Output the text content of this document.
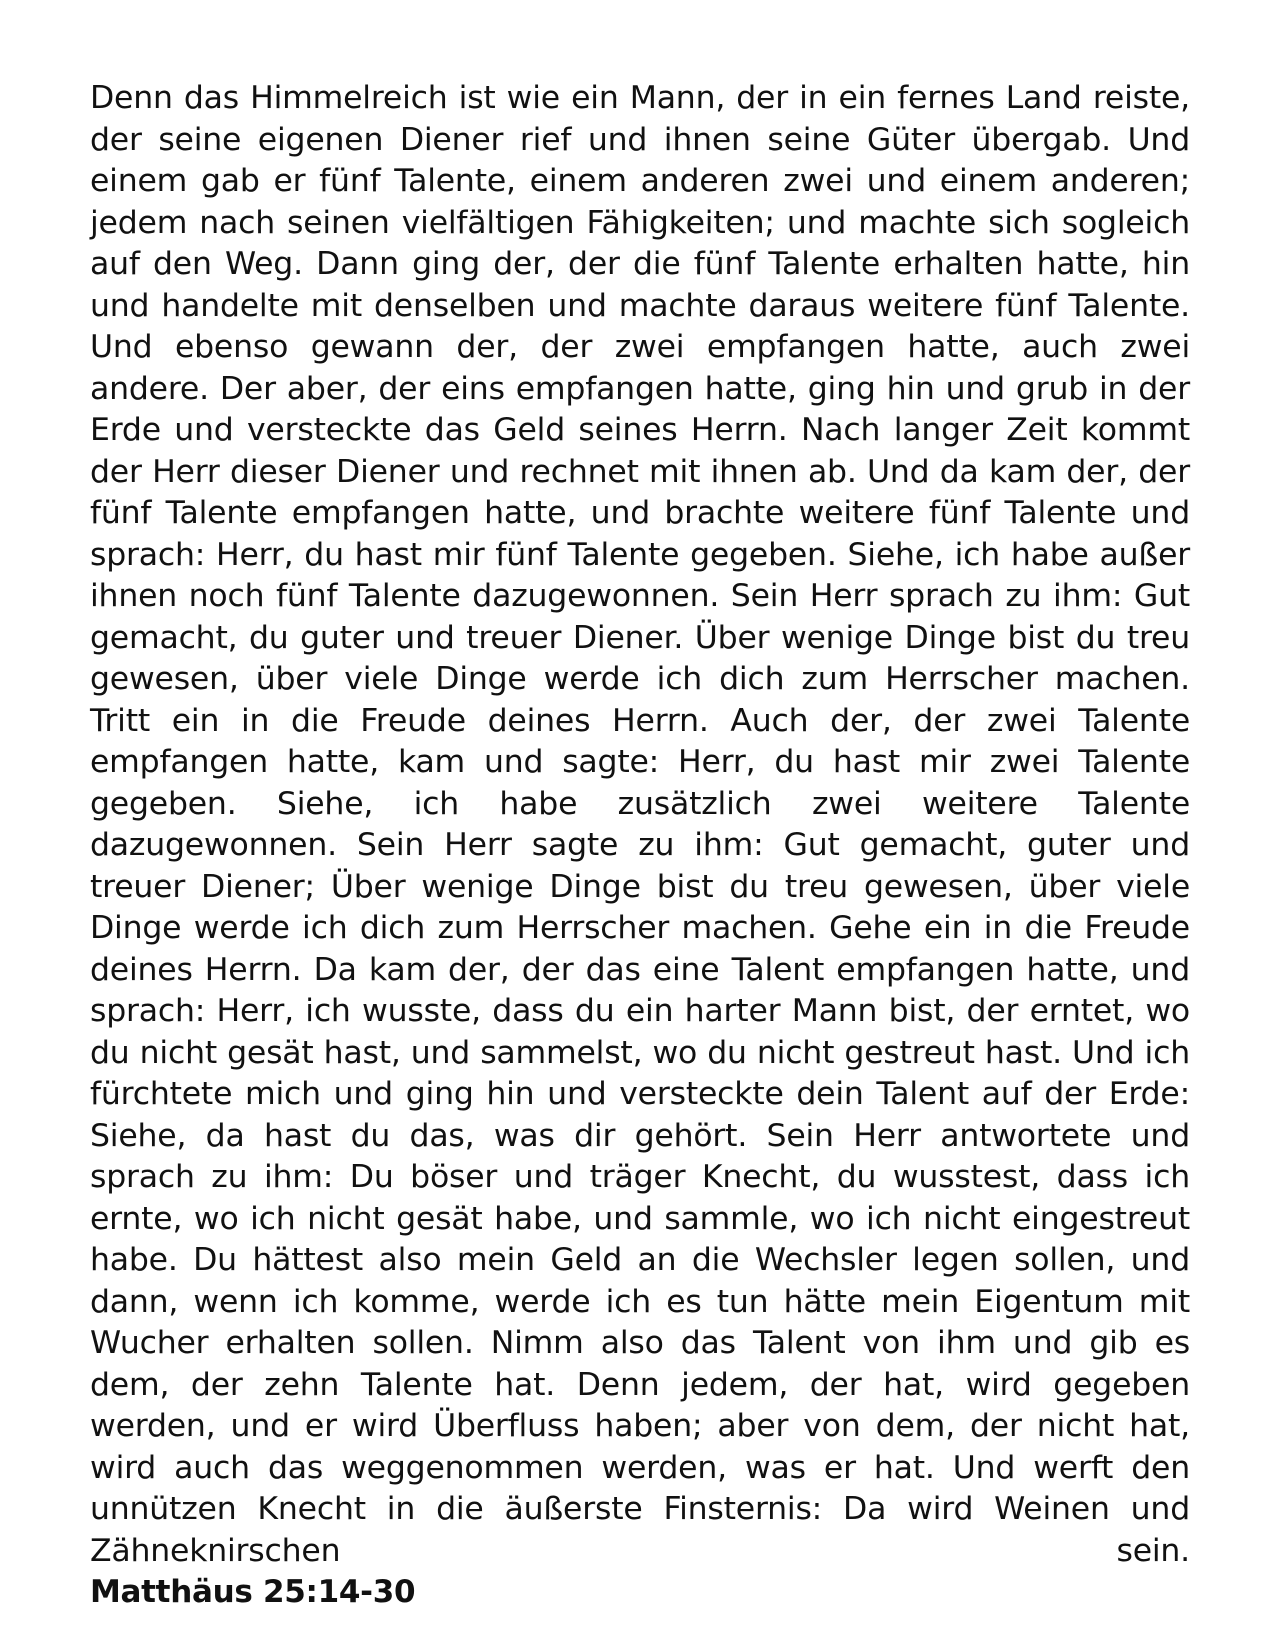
Denn das Himmelreich ist wie ein Mann, der in ein fernes Land reiste, der seine eigenen Diener rief und ihnen seine Güter übergab. Und einem gab er fünf Talente, einem anderen zwei und einem anderen; jedem nach seinen vielfältigen Fähigkeiten; und machte sich sogleich auf den Weg. Dann ging der, der die fünf Talente erhalten hatte, hin und handelte mit denselben und machte daraus weitere fünf Talente. Und ebenso gewann der, der zwei empfangen hatte, auch zwei andere. Der aber, der eins empfangen hatte, ging hin und grub in der Erde und versteckte das Geld seines Herrn. Nach langer Zeit kommt der Herr dieser Diener und rechnet mit ihnen ab. Und da kam der, der fünf Talente empfangen hatte, und brachte weitere fünf Talente und sprach: Herr, du hast mir fünf Talente gegeben. Siehe, ich habe außer ihnen noch fünf Talente dazugewonnen. Sein Herr sprach zu ihm: Gut gemacht, du guter und treuer Diener. Über wenige Dinge bist du treu gewesen, über viele Dinge werde ich dich zum Herrscher machen. Tritt ein in die Freude deines Herrn. Auch der, der zwei Talente empfangen hatte, kam und sagte: Herr, du hast mir zwei Talente gegeben. Siehe, ich habe zusätzlich zwei weitere Talente dazugewonnen. Sein Herr sagte zu ihm: Gut gemacht, guter und treuer Diener; Über wenige Dinge bist du treu gewesen, über viele Dinge werde ich dich zum Herrscher machen. Gehe ein in die Freude deines Herrn. Da kam der, der das eine Talent empfangen hatte, und sprach: Herr, ich wusste, dass du ein harter Mann bist, der erntet, wo du nicht gesät hast, und sammelst, wo du nicht gestreut hast. Und ich fürchtete mich und ging hin und versteckte dein Talent auf der Erde: Siehe, da hast du das, was dir gehört. Sein Herr antwortete und sprach zu ihm: Du böser und träger Knecht, du wusstest, dass ich ernte, wo ich nicht gesät habe, und sammle, wo ich nicht eingestreut habe. Du hättest also mein Geld an die Wechsler legen sollen, und dann, wenn ich komme, werde ich es tun hätte mein Eigentum mit Wucher erhalten sollen. Nimm also das Talent von ihm und gib es dem, der zehn Talente hat. Denn jedem, der hat, wird gegeben werden, und er wird Überfluss haben; aber von dem, der nicht hat, wird auch das weggenommen werden, was er hat. Und werft den unnützen Knecht in die äußerste Finsternis: Da wird Weinen und Zähneknirschen sein.

Matthäus 25:14-30
